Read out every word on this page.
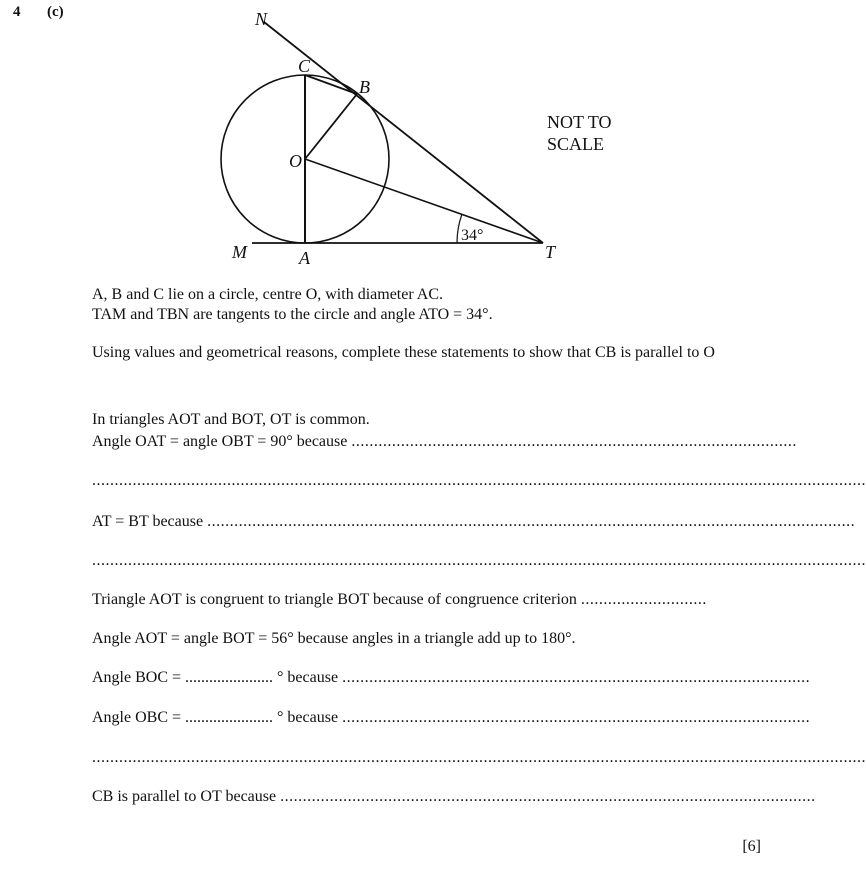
4 (c)	N
C
B
O
M	A	T
34°
NOT TO
SCALE
A, B and C lie on a circle, centre O, with diameter AC.
TAM and TBN are tangents to the circle and angle ATO = 34°.
Using values and geometrical reasons, complete these statements to show that CB is parallel to O
In triangles AOT and BOT, OT is common.
Angle OAT = angle OBT = 90° because ...................................................................................................
............................................................................................................................................................................
AT = BT because ................................................................................................................................................
............................................................................................................................................................................
Triangle AOT is congruent to triangle BOT because of congruence criterion ............................
Angle AOT = angle BOT = 56° because angles in a triangle add up to 180°.
Angle BOC = ...................... ° because ........................................................................................................
Angle OBC = ...................... ° because ........................................................................................................
............................................................................................................................................................................
CB is parallel to OT because .......................................................................................................................
[6]
